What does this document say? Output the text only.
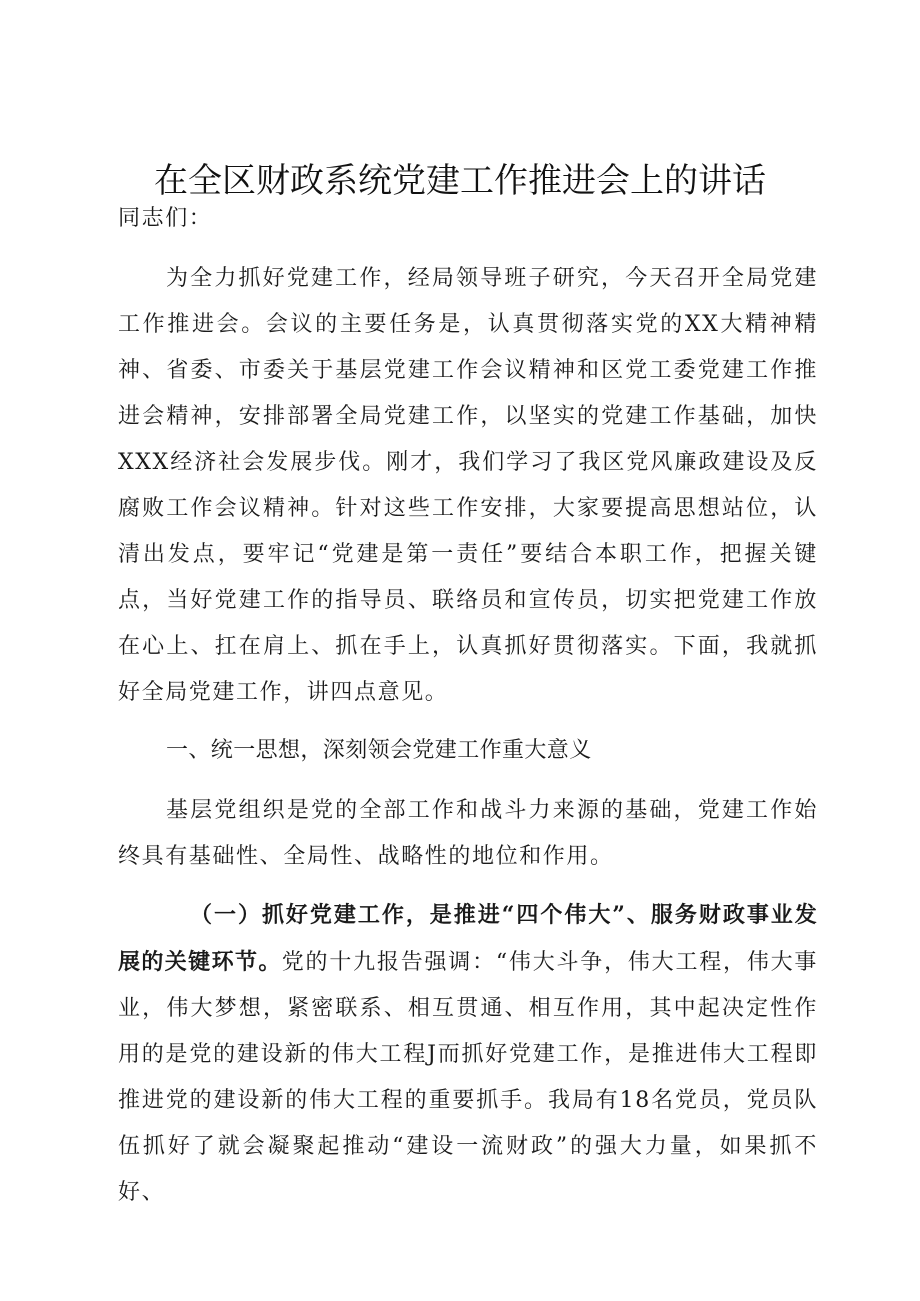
在全区财政系统党建工作推进会上的讲话

同志们：

为全力抓好党建工作，经局领导班子研究，今天召开全局党建工作推进会。会议的主要任务是，认真贯彻落实党的XX大精神精神、省委、市委关于基层党建工作会议精神和区党工委党建工作推进会精神，安排部署全局党建工作，以坚实的党建工作基础，加快XXX经济社会发展步伐。刚才，我们学习了我区党风廉政建设及反腐败工作会议精神。针对这些工作安排，大家要提高思想站位，认清出发点，要牢记“党建是第一责任”要结合本职工作，把握关键点，当好党建工作的指导员、联络员和宣传员，切实把党建工作放在心上、扛在肩上、抓在手上，认真抓好贯彻落实。下面，我就抓好全局党建工作，讲四点意见。

一、统一思想，深刻领会党建工作重大意义

基层党组织是党的全部工作和战斗力来源的基础，党建工作始终具有基础性、全局性、战略性的地位和作用。

（一）抓好党建工作，是推进“四个伟大”、服务财政事业发展的关键环节。党的十九报告强调：“伟大斗争，伟大工程，伟大事业，伟大梦想，紧密联系、相互贯通、相互作用，其中起决定性作用的是党的建设新的伟大工程J而抓好党建工作，是推进伟大工程即推进党的建设新的伟大工程的重要抓手。我局有18名党员，党员队伍抓好了就会凝聚起推动“建设一流财政”的强大力量，如果抓不好、
